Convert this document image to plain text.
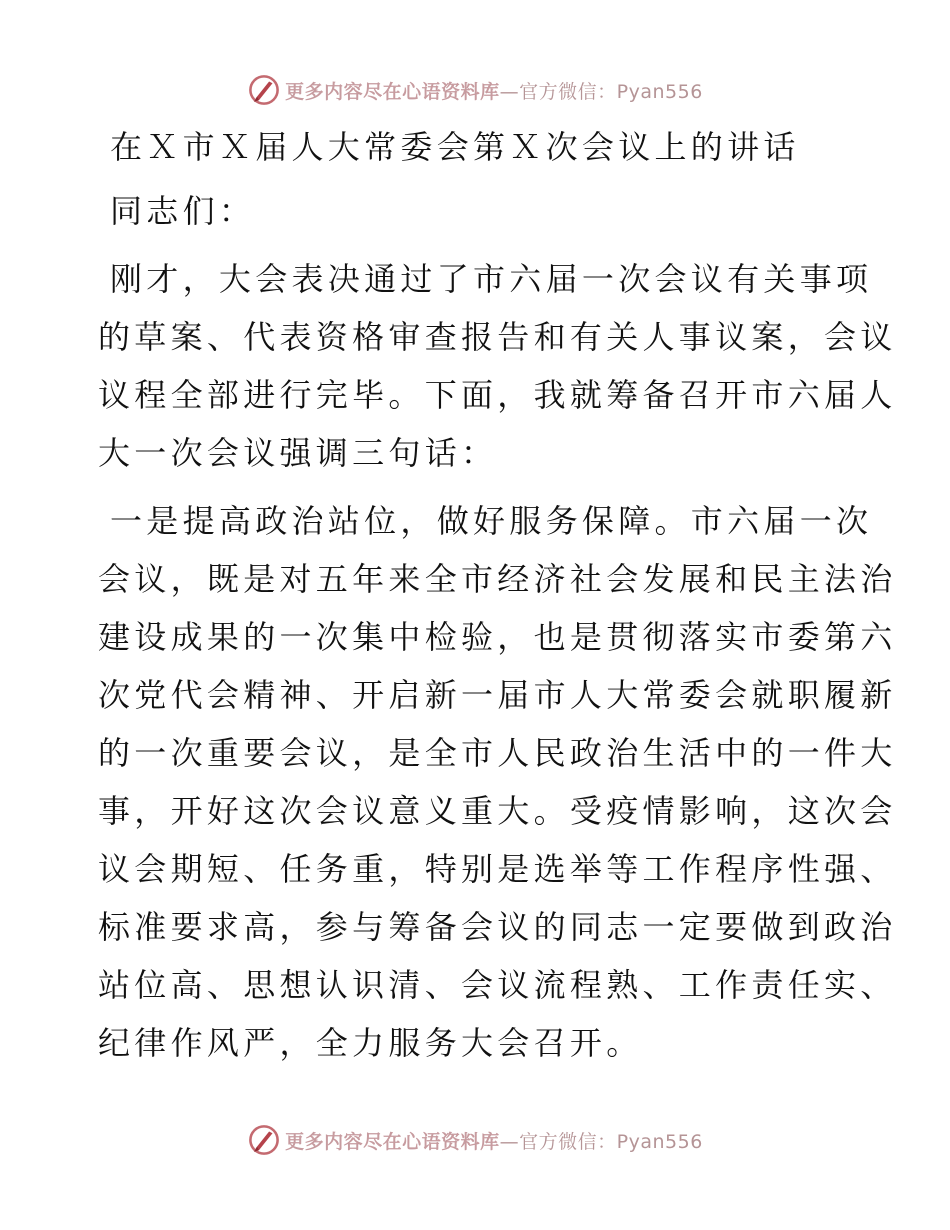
更多内容尽在心语资料库—官方微信：Pyan556
在Ｘ市Ｘ届人大常委会第Ｘ次会议上的讲话
同志们：
刚才，大会表决通过了市六届一次会议有关事项
的草案、代表资格审查报告和有关人事议案，会议
议程全部进行完毕。下面，我就筹备召开市六届人
大一次会议强调三句话：
一是提高政治站位，做好服务保障。市六届一次
会议，既是对五年来全市经济社会发展和民主法治
建设成果的一次集中检验，也是贯彻落实市委第六
次党代会精神、开启新一届市人大常委会就职履新
的一次重要会议，是全市人民政治生活中的一件大
事，开好这次会议意义重大。受疫情影响，这次会
议会期短、任务重，特别是选举等工作程序性强、
标准要求高，参与筹备会议的同志一定要做到政治
站位高、思想认识清、会议流程熟、工作责任实、
纪律作风严，全力服务大会召开。
更多内容尽在心语资料库—官方微信：Pyan556
